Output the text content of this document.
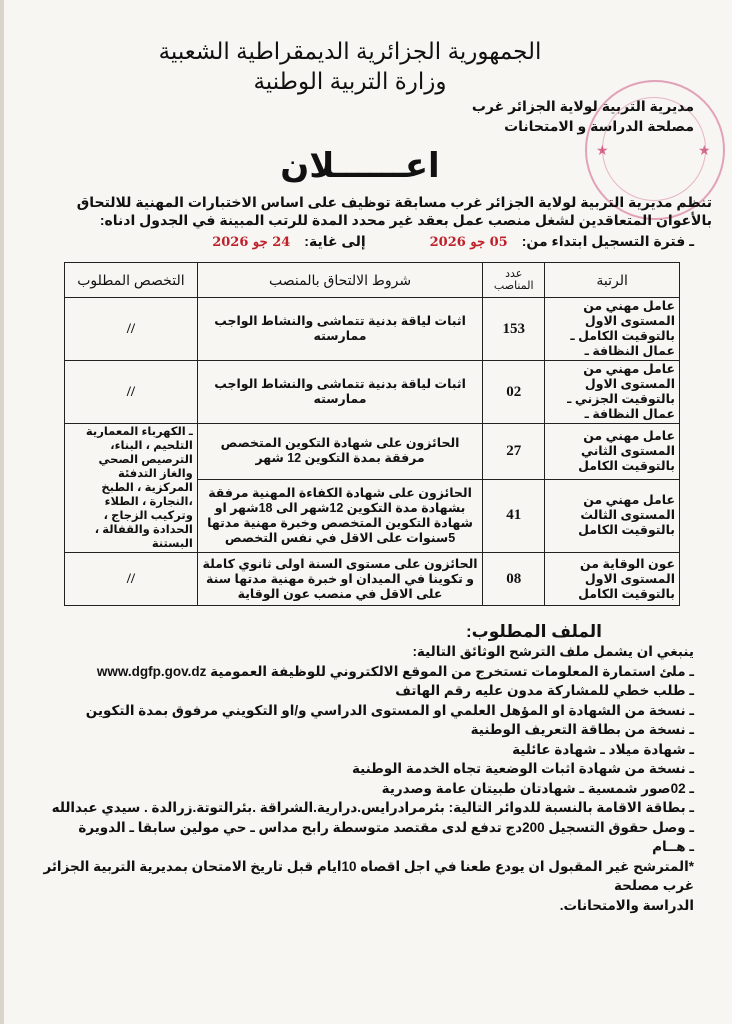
★	★
الجمهورية الجزائرية الديمقراطية الشعبية
وزارة التربية الوطنية
مديرية التربية لولاية الجزائر غرب
مصلحة الدراسة و الامتحانات
اعــــــلان
تنظم مديرية التربية لولاية الجزائر غرب مسابقة توظيف على اساس الاختبارات المهنية للالتحاق بالأعوان المتعاقدين لشغل منصب عمل بعقد غير محدد المدة للرتب المبينة في الجدول ادناه:
ـ فترة التسجيل ابتداء من:
05 جو 2026
إلى غاية:
24 جو 2026
الرتبة	عدد المناصب	شروط الالتحاق بالمنصب	التخصص المطلوب
عامل مهني من المستوى الاول بالتوقيت الكامل ـ عمال النظافة ـ	153	اثبات لياقة بدنية تتماشى والنشاط الواجب ممارسته	//
عامل مهني من المستوى الاول بالتوقيت الجزني ـ عمال النظافة ـ	02	اثبات لياقة بدنية تتماشى والنشاط الواجب ممارسته	//
عامل مهني من المستوى الثاني بالتوقيت الكامل	27	الحائزون على شهادة التكوين المتخصص مرفقة بمدة التكوين 12 شهر	ـ الكهرباء المعمارية التلحيم ، البناء، الترصيص الصحي والغاز التدفئة المركزية ، الطبخ ،النجارة ، الطلاء وتركيب الزجاج ، الحدادة والقفالة ، البستنة
عامل مهني من المستوى الثالث بالتوقيت الكامل	41	الحائزون على شهادة الكفاءة المهنية مرفقة بشهادة مدة التكوين 12شهر الى 18شهر او شهادة التكوين المتخصص وخبرة مهنية مدتها 5سنوات على الاقل في نفس التخصص	
عون الوقاية من المستوى الاول بالتوقيت الكامل	08	الحائزون على مستوى السنة اولى ثانوي كاملة و تكوينا في الميدان او خبرة مهنية مدتها سنة على الاقل في منصب عون الوقاية	//
الملف المطلوب:
ينبغي ان يشمل ملف الترشح الوثائق التالية:
ـ ملئ استمارة المعلومات تستخرج من الموقع الالكتروني للوظيفة العمومية www.dgfp.gov.dz
ـ طلب خطي للمشاركة مدون عليه رقم الهاتف
ـ نسخة من الشهادة او المؤهل العلمي او المستوى الدراسي و/او التكويني مرفوق بمدة التكوين
ـ نسخة من بطاقة التعريف الوطنية
ـ شهادة ميلاد ـ شهادة عائلية
ـ نسخة من شهادة اثبات الوضعية تجاه الخدمة الوطنية
ـ 02صور شمسية ـ شهادتان طبيتان عامة وصدرية
ـ بطاقة الاقامة بالنسبة للدوائر التالية: بئرمرادرايس.درارية.الشراقة .بئرالتوتة.زرالدة . سيدي عبدالله
ـ وصل حقوق التسجيل 200دج تدفع لدى مقتصد متوسطة رابح مداس ـ حي مولين سابقا ـ الدويرة
ـ هــام
*المترشح غير المقبول ان يودع طعنا في اجل اقصاه 10ايام قبل تاريخ الامتحان بمديرية التربية الجزائر غرب مصلحة
الدراسة والامتحانات.
